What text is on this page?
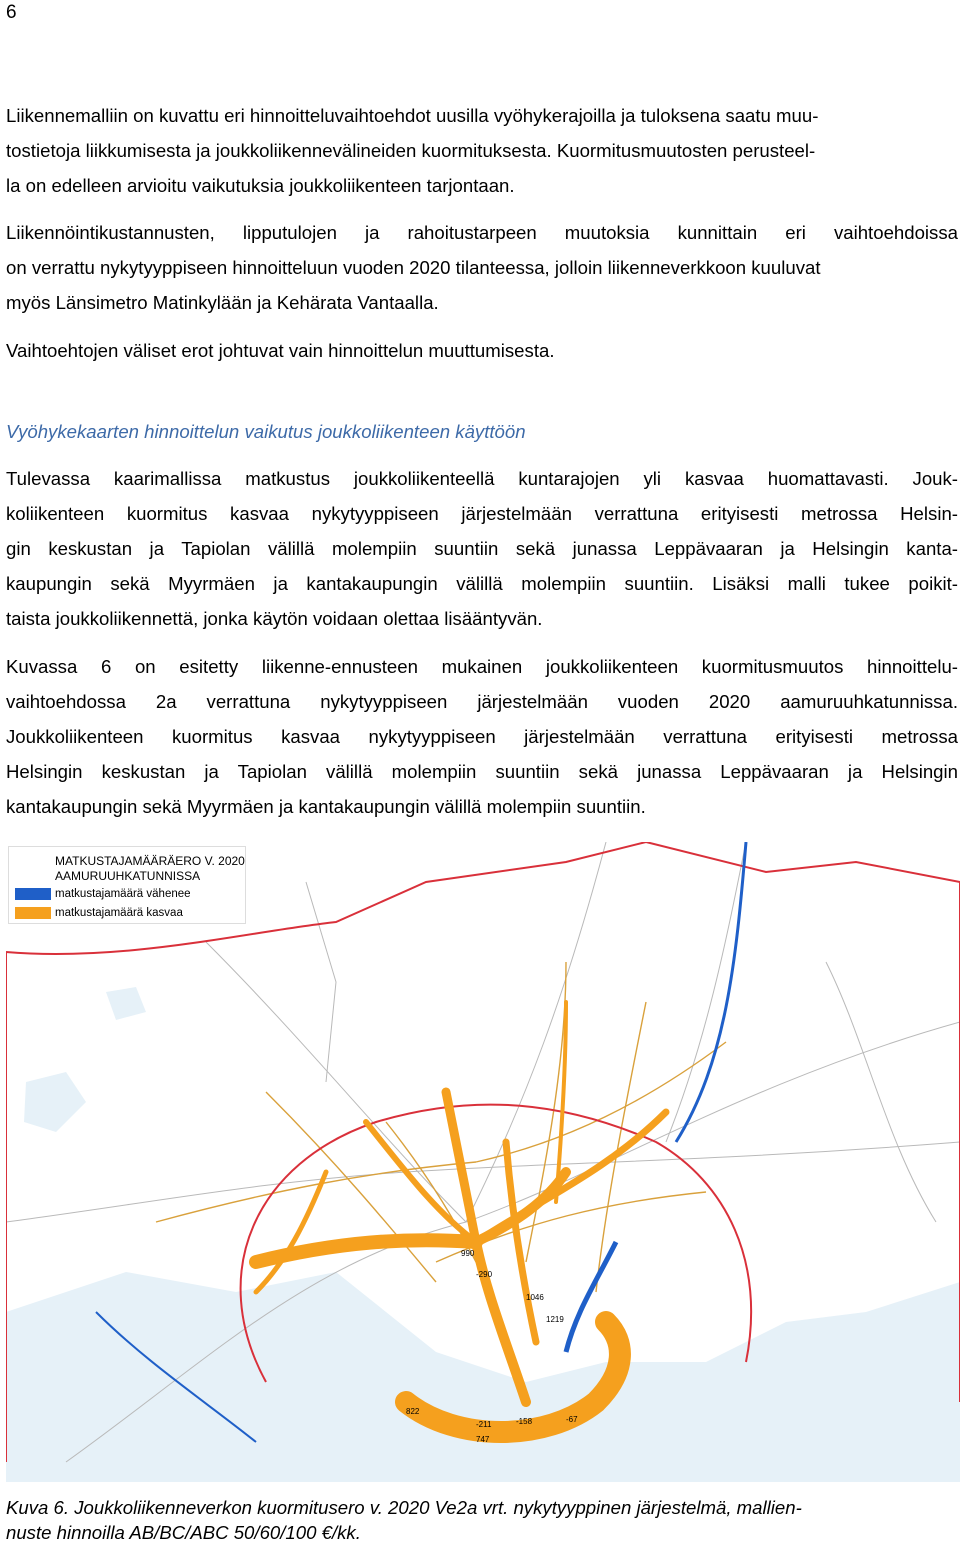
6

Liikennemalliin on kuvattu eri hinnoitteluvaihtoehdot uusilla vyöhykerajoilla ja tuloksena saatu muu-

tostietoja liikkumisesta ja joukkoliikennevälineiden kuormituksesta. Kuormitusmuutosten perusteel-

la on edelleen arvioitu vaikutuksia joukkoliikenteen tarjontaan.

Liikennöintikustannusten, lipputulojen ja rahoitustarpeen muutoksia kunnittain eri vaihtoehdoissa

on verrattu nykytyyppiseen hinnoitteluun vuoden 2020 tilanteessa, jolloin liikenneverkkoon kuuluvat

myös Länsimetro Matinkylään ja Kehärata Vantaalla.

Vaihtoehtojen väliset erot johtuvat vain hinnoittelun muuttumisesta.

Vyöhykekaarten hinnoittelun vaikutus joukkoliikenteen käyttöön

Tulevassa kaarimallissa matkustus joukkoliikenteellä kuntarajojen yli kasvaa huomattavasti. Jouk-

koliikenteen kuormitus kasvaa nykytyyppiseen järjestelmään verrattuna erityisesti metrossa Helsin-

gin keskustan ja Tapiolan välillä molempiin suuntiin sekä junassa Leppävaaran ja Helsingin kanta-

kaupungin sekä Myyrmäen ja kantakaupungin välillä molempiin suuntiin. Lisäksi malli tukee poikit-

taista joukkoliikennettä, jonka käytön voidaan olettaa lisääntyvän.

Kuvassa 6 on esitetty liikenne-ennusteen mukainen joukkoliikenteen kuormitusmuutos hinnoittelu-

vaihtoehdossa 2a verrattuna nykytyyppiseen järjestelmään vuoden 2020 aamuruuhkatunnissa.

Joukkoliikenteen kuormitus kasvaa nykytyyppiseen järjestelmään verrattuna erityisesti metrossa

Helsingin keskustan ja Tapiolan välillä molempiin suuntiin sekä junassa Leppävaaran ja Helsingin

kantakaupungin sekä Myyrmäen ja kantakaupungin välillä molempiin suuntiin.

990
-290
1046
1219
822
747
-211	-158	-67
MATKUSTAJAMÄÄRÄERO V. 2020
AAMURUUHKATUNNISSA
matkustajamäärä vähenee
matkustajamäärä kasvaa

Kuva 6. Joukkoliikenneverkon kuormitusero v. 2020 Ve2a vrt. nykytyyppinen järjestelmä, mallien-
nuste hinnoilla AB/BC/ABC 50/60/100 €/kk.
